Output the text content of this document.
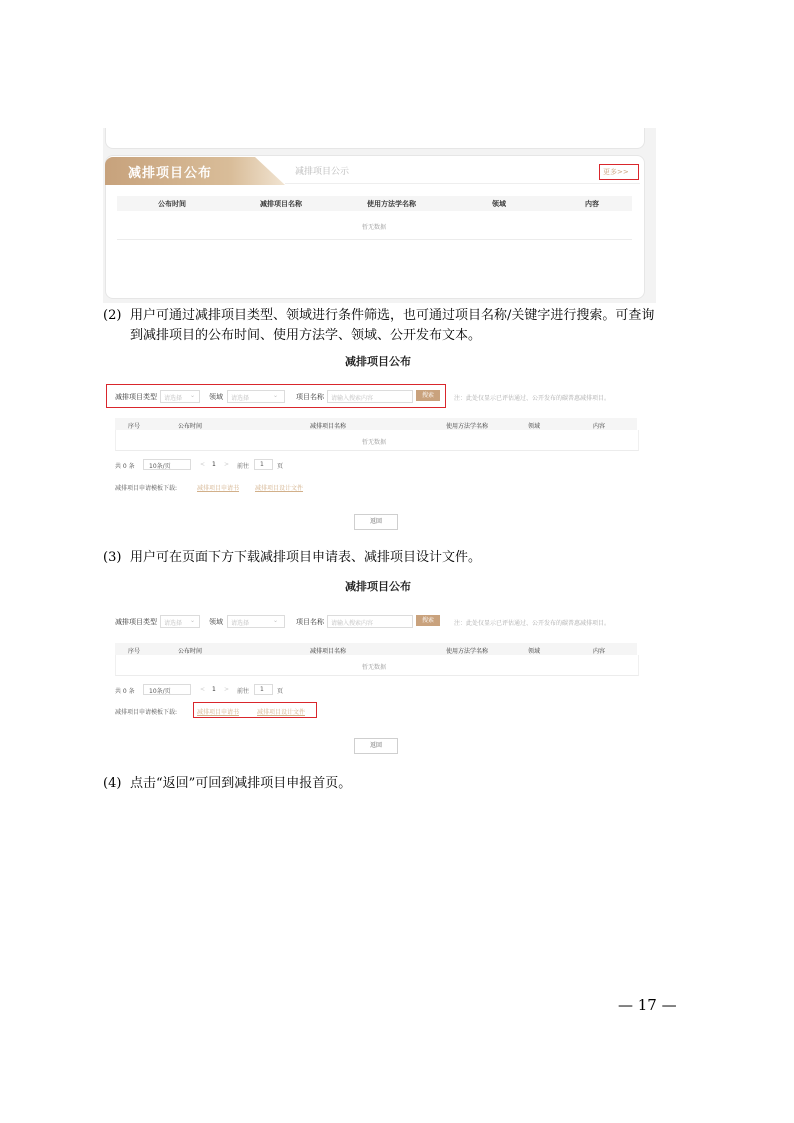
减排项目公布	减排项目公示	更多>>
公布时间	减排项目名称	使用方法学名称	领域	内容
暂无数据
(2) 用户可通过减排项目类型、领域进行条件筛选，也可通过项目名称/关键字进行搜索。可查询
到减排项目的公布时间、使用方法学、领域、公开发布文本。
减排项目公布
减排项目类型 请选择 ⌄ 领域 请选择	⌄	项目名称 请输入搜索内容	搜索	注：此处仅显示已评估通过、公开发布的碳普惠减排项目。
序号	公布时间	减排项目名称	使用方法学名称	领域	内容
暂无数据
共 0 条 10条/页	< 1 > 前往 1 页
减排项目申请模板下载:	减排项目申请书	减排项目设计文件
返回
(3) 用户可在页面下方下载减排项目申请表、减排项目设计文件。
减排项目公布
减排项目类型 请选择 ⌄ 领域 请选择	⌄	项目名称 请输入搜索内容	搜索	注：此处仅显示已评估通过、公开发布的碳普惠减排项目。
序号	公布时间	减排项目名称	使用方法学名称	领域	内容
暂无数据
共 0 条 10条/页	< 1 > 前往 1 页
减排项目申请模板下载:	减排项目申请书	减排项目设计文件
返回
(4) 点击“返回”可回到减排项目申报首页。
— 17 —
